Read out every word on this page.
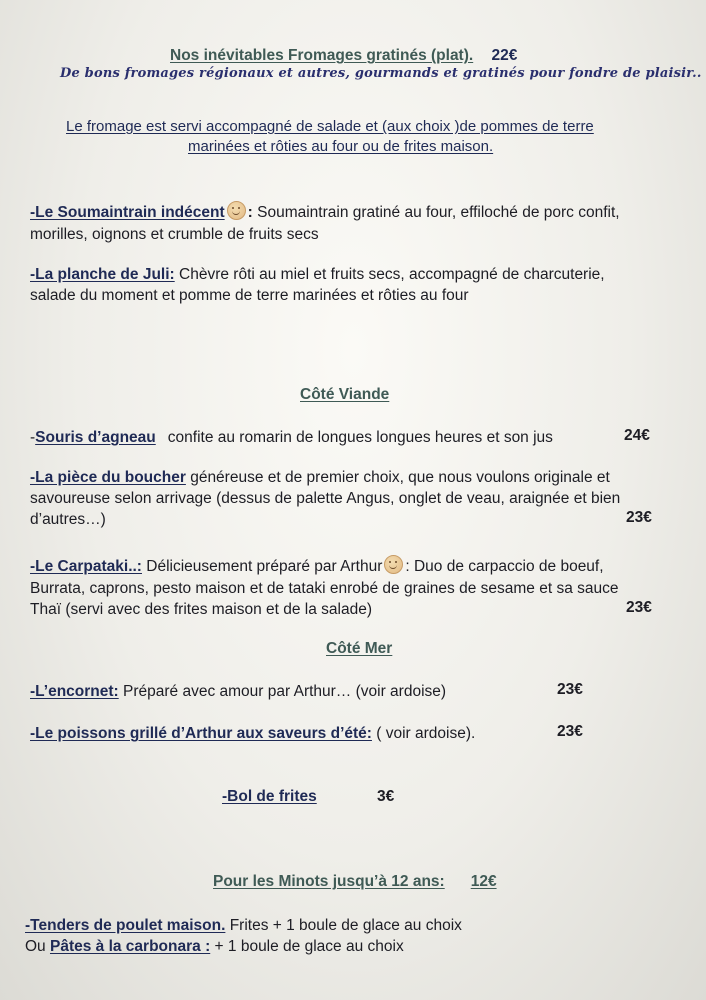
Nos inévitables Fromages gratinés (plat). 22€
De bons fromages régionaux et autres, gourmands et gratinés pour fondre de plaisir..
Le fromage est servi accompagné de salade et (aux choix )de pommes de terre
marinées et rôties au four ou de frites maison.
-Le Soumaintrain indécent : Soumaintrain gratiné au four, effiloché de porc confit,
morilles, oignons et crumble de fruits secs
-La planche de Juli: Chèvre rôti au miel et fruits secs, accompagné de charcuterie,
salade du moment et pomme de terre marinées et rôties au four
Côté Viande
-Souris d’agneau confite au romarin de longues longues heures et son jus	24€
-La pièce du boucher généreuse et de premier choix, que nous voulons originale et
savoureuse selon arrivage (dessus de palette Angus, onglet de veau, araignée et bien
d’autres…)	23€
-Le Carpataki..: Délicieusement préparé par Arthur : Duo de carpaccio de boeuf,
Burrata, caprons, pesto maison et de tataki enrobé de graines de sesame et sa sauce
Thaï (servi avec des frites maison et de la salade)	23€
Côté Mer
-L’encornet: Préparé avec amour par Arthur… (voir ardoise)	23€
-Le poissons grillé d’Arthur aux saveurs d’été: ( voir ardoise).	23€
-Bol de frites	3€
Pour les Minots jusqu’à 12 ans: 12€
-Tenders de poulet maison. Frites + 1 boule de glace au choix
Ou Pâtes à la carbonara : + 1 boule de glace au choix
